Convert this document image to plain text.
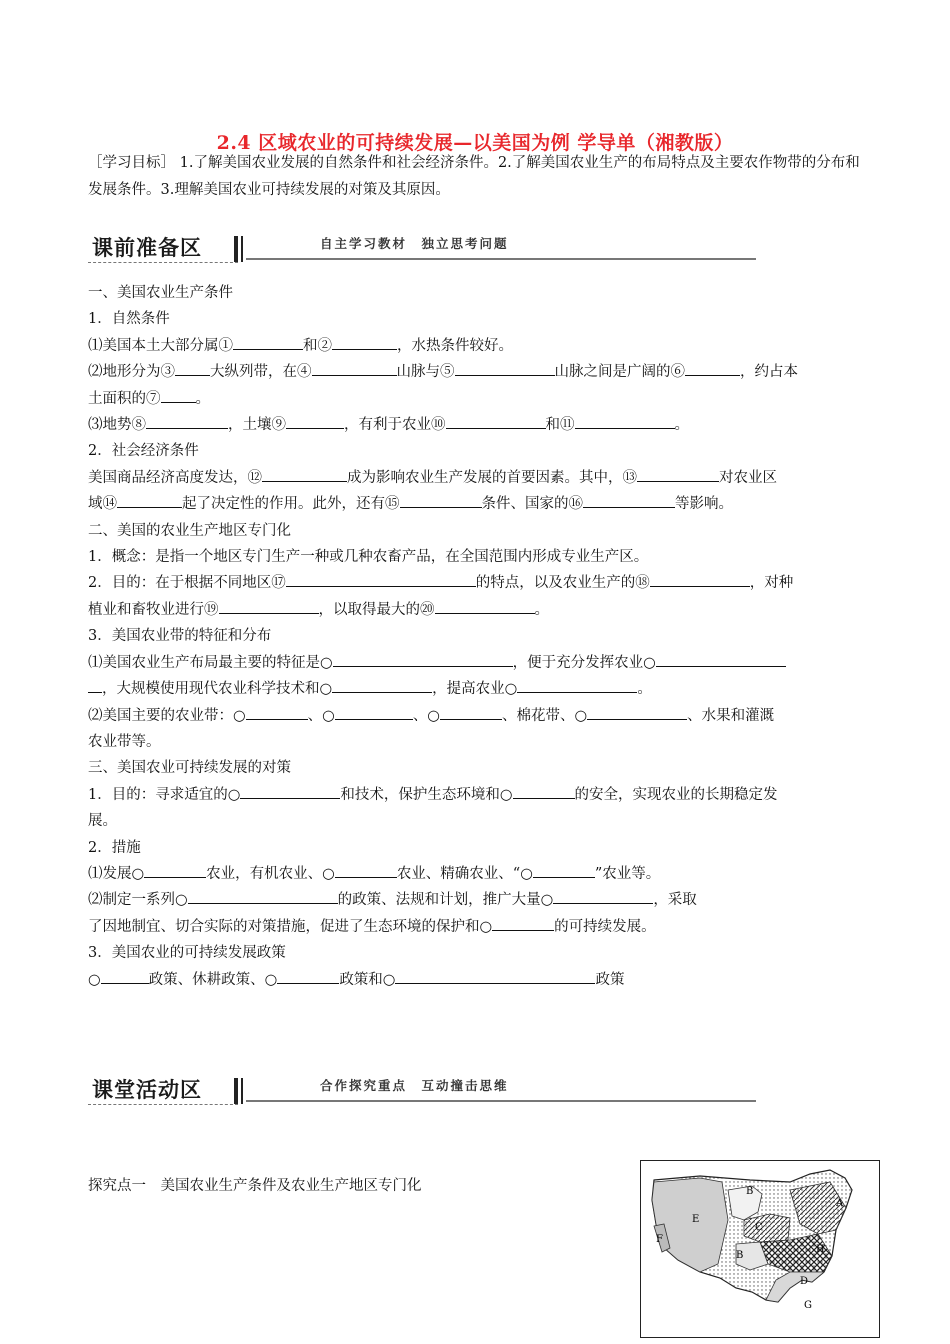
2.4 区域农业的可持续发展—以美国为例 学导单（湘教版）
［学习目标］ 1.了解美国农业发展的自然条件和社会经济条件。2.了解美国农业生产的布局特点及主要农作物带的分布和发展条件。3.理解美国农业可持续发展的对策及其原因。
课前准备区	自主学习教材　独立思考问题

一、美国农业生产条件

1．自然条件

⑴美国本土大部分属①	和②	，水热条件较好。

⑵地形分为③ 大纵列带，在④	山脉与⑤	山脉之间是广阔的⑥	，约占本

土面积的⑦ 。

⑶地势⑧	，土壤⑨	，有利于农业⑩	和⑪	。

2．社会经济条件

美国商品经济高度发达，⑫	成为影响农业生产发展的首要因素。其中，⑬	对农业区

域⑭	起了决定性的作用。此外，还有⑮	条件、国家的⑯	等影响。

二、美国的农业生产地区专门化

1．概念：是指一个地区专门生产一种或几种农畜产品，在全国范围内形成专业生产区。

2．目的：在于根据不同地区⑰	的特点，以及农业生产的⑱	，对种

植业和畜牧业进行⑲	，以取得最大的⑳	。

3．美国农业带的特征和分布

⑴美国农业生产布局最主要的特征是○	，便于充分发挥农业○

，大规模使用现代农业科学技术和○	，提高农业○	。

⑵美国主要的农业带：○	、○	、○	、棉花带、○	、水果和灌溉

农业带等。

三、美国农业可持续发展的对策

1．目的：寻求适宜的○	和技术，保护生态环境和○	的安全，实现农业的长期稳定发

展。

2．措施

⑴发展○	农业，有机农业、○	农业、精确农业、“○	”农业等。

⑵制定一系列○	的政策、法规和计划，推广大量○	，采取

了因地制宜、切合实际的对策措施，促进了生态环境的保护和○	的可持续发展。

3．美国农业的可持续发展政策

○	政策、休耕政策、○	政策和○	政策

课堂活动区	合作探究重点　互动撞击思维
探究点一　美国农业生产条件及农业生产地区专门化
A
B
C
B
E
F
H
D
G
